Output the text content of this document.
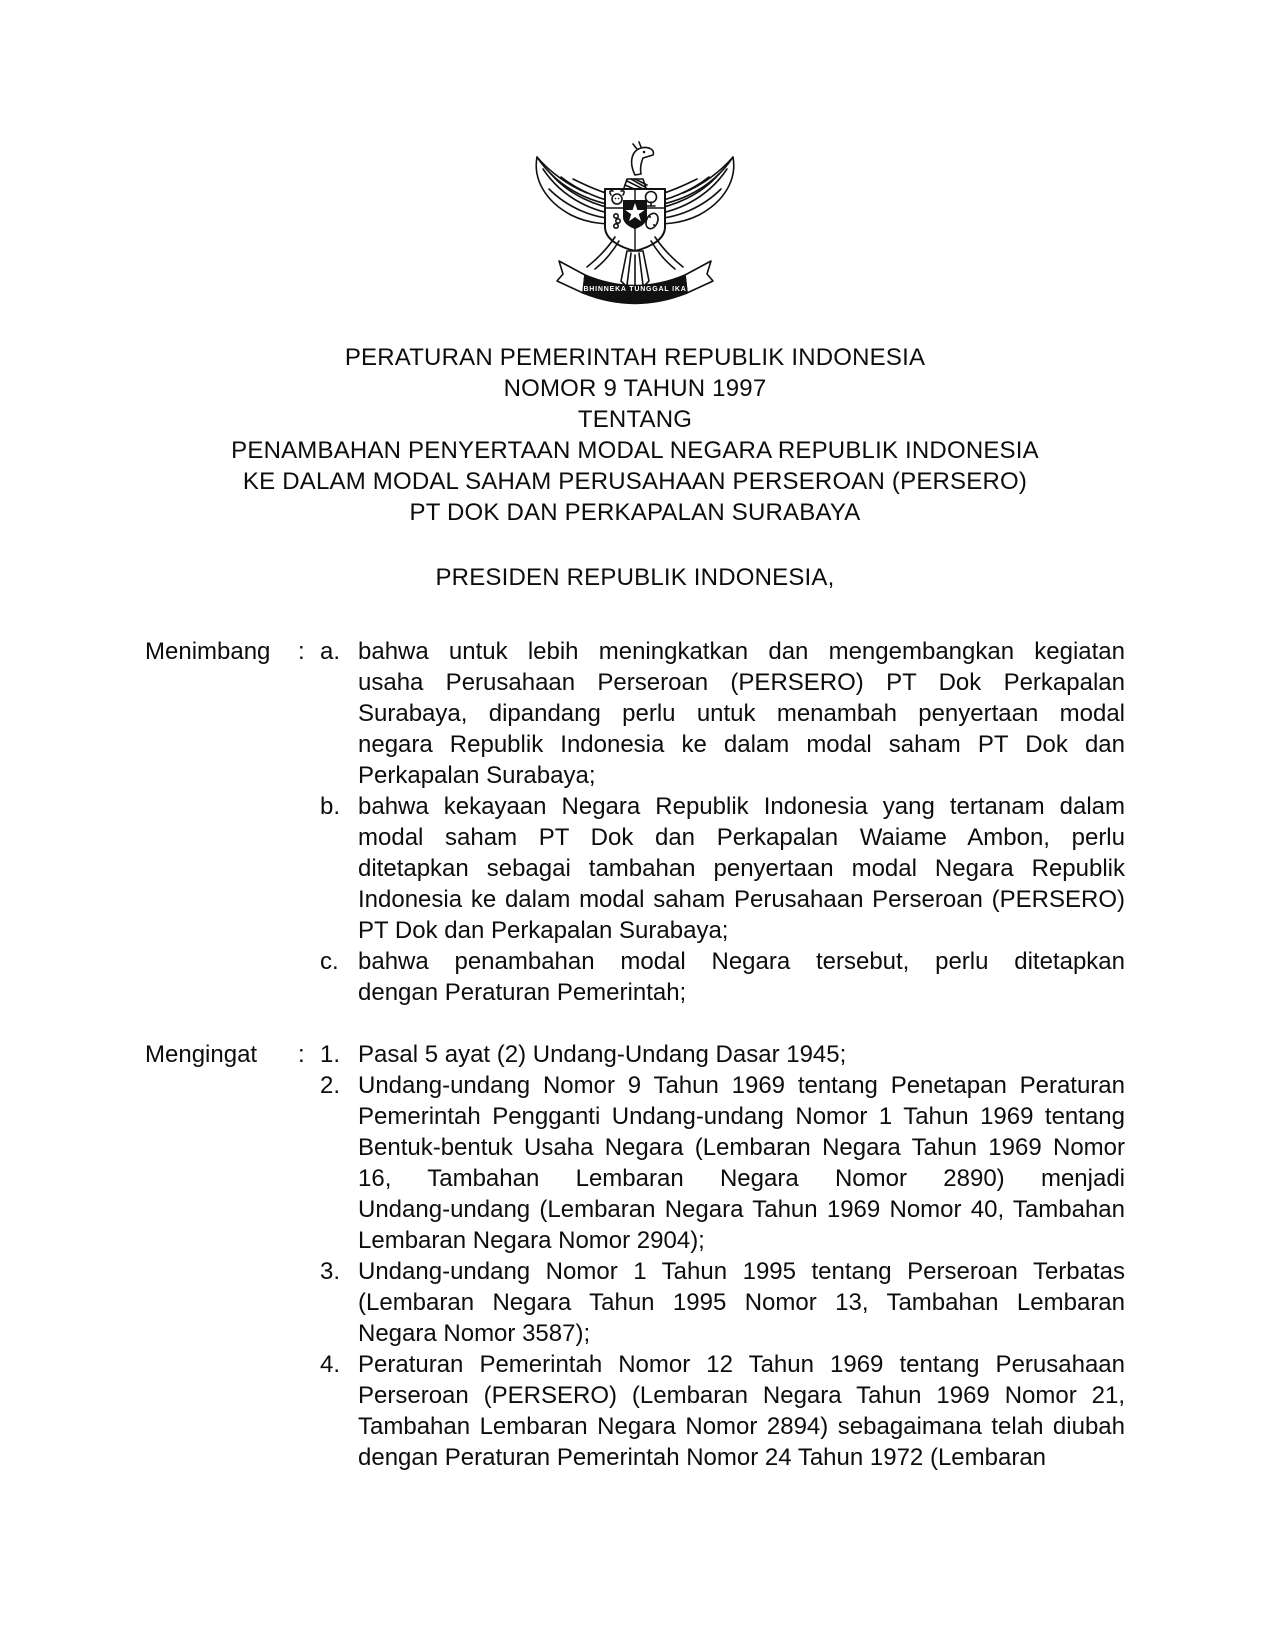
BHINNEKA TUNGGAL IKA
PERATURAN PEMERINTAH REPUBLIK INDONESIA
NOMOR 9 TAHUN 1997
TENTANG
PENAMBAHAN PENYERTAAN MODAL NEGARA REPUBLIK INDONESIA
KE DALAM MODAL SAHAM PERUSAHAAN PERSEROAN (PERSERO)
PT DOK DAN PERKAPALAN SURABAYA
PRESIDEN REPUBLIK INDONESIA,
Menimbang	: a. bahwa untuk lebih meningkatkan dan mengembangkan kegiatan
usaha Perusahaan Perseroan (PERSERO) PT Dok Perkapalan
Surabaya, dipandang perlu untuk menambah penyertaan modal
negara Republik Indonesia ke dalam modal saham PT Dok dan
Perkapalan Surabaya;
b. bahwa kekayaan Negara Republik Indonesia yang tertanam dalam
modal saham PT Dok dan Perkapalan Waiame Ambon, perlu
ditetapkan sebagai tambahan penyertaan modal Negara Republik
Indonesia ke dalam modal saham Perusahaan Perseroan (PERSERO)
PT Dok dan Perkapalan Surabaya;
c. bahwa penambahan modal Negara tersebut, perlu ditetapkan
dengan Peraturan Pemerintah;
Mengingat	: 1. Pasal 5 ayat (2) Undang-Undang Dasar 1945;
2. Undang-undang Nomor 9 Tahun 1969 tentang Penetapan Peraturan
Pemerintah Pengganti Undang-undang Nomor 1 Tahun 1969 tentang
Bentuk-bentuk Usaha Negara (Lembaran Negara Tahun 1969 Nomor
16, Tambahan Lembaran Negara Nomor 2890) menjadi
Undang-undang (Lembaran Negara Tahun 1969 Nomor 40, Tambahan
Lembaran Negara Nomor 2904);
3. Undang-undang Nomor 1 Tahun 1995 tentang Perseroan Terbatas
(Lembaran Negara Tahun 1995 Nomor 13, Tambahan Lembaran
Negara Nomor 3587);
4. Peraturan Pemerintah Nomor 12 Tahun 1969 tentang Perusahaan
Perseroan (PERSERO) (Lembaran Negara Tahun 1969 Nomor 21,
Tambahan Lembaran Negara Nomor 2894) sebagaimana telah diubah
dengan Peraturan Pemerintah Nomor 24 Tahun 1972 (Lembaran
